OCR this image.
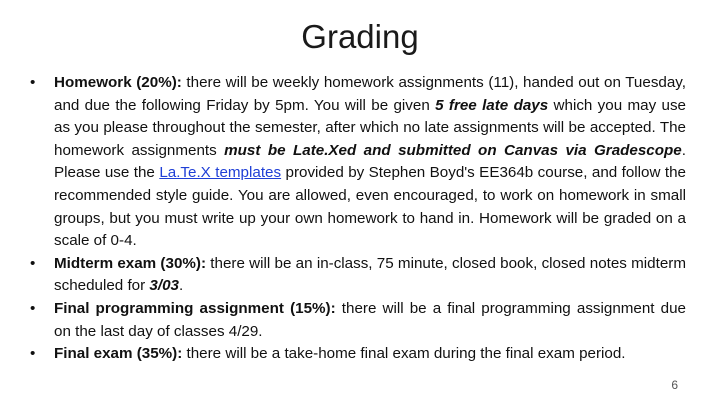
Grading
• Homework (20%): there will be weekly homework assignments (11), handed out on Tuesday, and due the following Friday by 5pm. You will be given 5 free late days which you may use as you please throughout the semester, after which no late assignments will be accepted. The homework assignments must be Late.Xed and submitted on Canvas via Gradescope. Please use the La.Te.X templates provided by Stephen Boyd's EE364b course, and follow the recommended style guide. You are allowed, even encouraged, to work on homework in small groups, but you must write up your own homework to hand in. Homework will be graded on a scale of 0-4.
• Midterm exam (30%): there will be an in-class, 75 minute, closed book, closed notes midterm scheduled for 3/03.
• Final programming assignment (15%): there will be a final programming assignment due on the last day of classes 4/29.
• Final exam (35%): there will be a take-home final exam during the final exam period.
6
